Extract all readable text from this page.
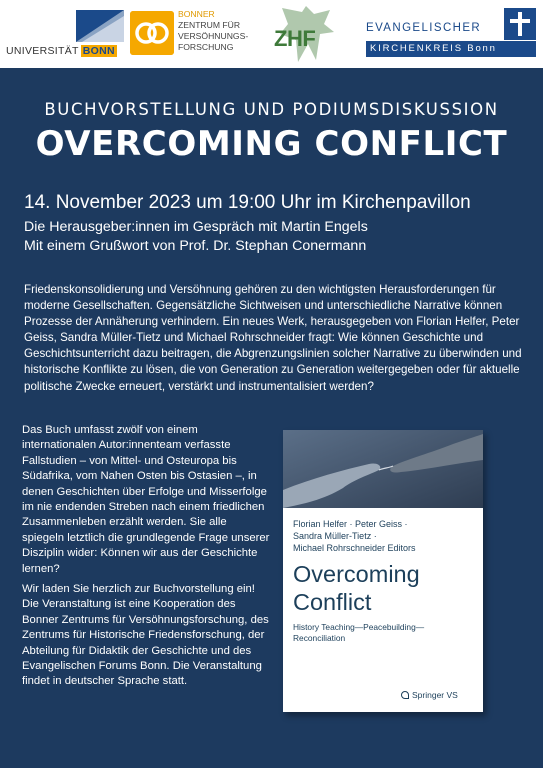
UNIVERSITÄT BONN
BONNER
ZENTRUM FÜR
VERSÖHNUNGS-
FORSCHUNG	ZHF	EVANGELISCHER
KIRCHENKREIS Bonn
BUCHVORSTELLUNG UND PODIUMSDISKUSSION
OVERCOMING CONFLICT
14. November 2023 um 19:00 Uhr im Kirchenpavillon
Die Herausgeber:innen im Gespräch mit Martin Engels
Mit einem Grußwort von Prof. Dr. Stephan Conermann

Friedenskonsolidierung und Versöhnung gehören zu den wichtigsten Herausforderungen für moderne Gesellschaften. Gegensätzliche Sichtweisen und unterschiedliche Narrative können Prozesse der Annäherung verhindern. Ein neues Werk, herausgegeben von Florian Helfer, Peter Geiss, Sandra Müller-Tietz und Michael Rohrschneider fragt: Wie können Geschichte und Geschichtsunterricht dazu beitragen, die Abgrenzungslinien solcher Narrative zu überwinden und historische Konflikte zu lösen, die von Generation zu Generation weitergegeben oder für aktuelle politische Zwecke erneuert, verstärkt und instrumentalisiert werden?

Das Buch umfasst zwölf von einem internationalen Autor:innenteam verfasste Fallstudien – von Mittel- und Osteuropa bis Südafrika, vom Nahen Osten bis Ostasien –, in denen Geschichten über Erfolge und Misserfolge im nie endenden Streben nach einem friedlichen Zusammenleben erzählt werden. Sie alle spiegeln letztlich die grundlegende Frage unserer Disziplin wider: Können wir aus der Geschichte lernen?

Wir laden Sie herzlich zur Buchvorstellung ein! Die Veranstaltung ist eine Kooperation des Bonner Zentrums für Versöhnungsforschung, des Zentrums für Historische Friedensforschung, der Abteilung für Didaktik der Geschichte und des Evangelischen Forums Bonn. Die Veranstaltung findet in deutscher Sprache statt.

Florian Helfer · Peter Geiss ·
Sandra Müller-Tietz ·
Michael Rohrschneider Editors
Overcoming
Conflict
History Teaching—Peacebuilding—
Reconciliation
Springer VS
